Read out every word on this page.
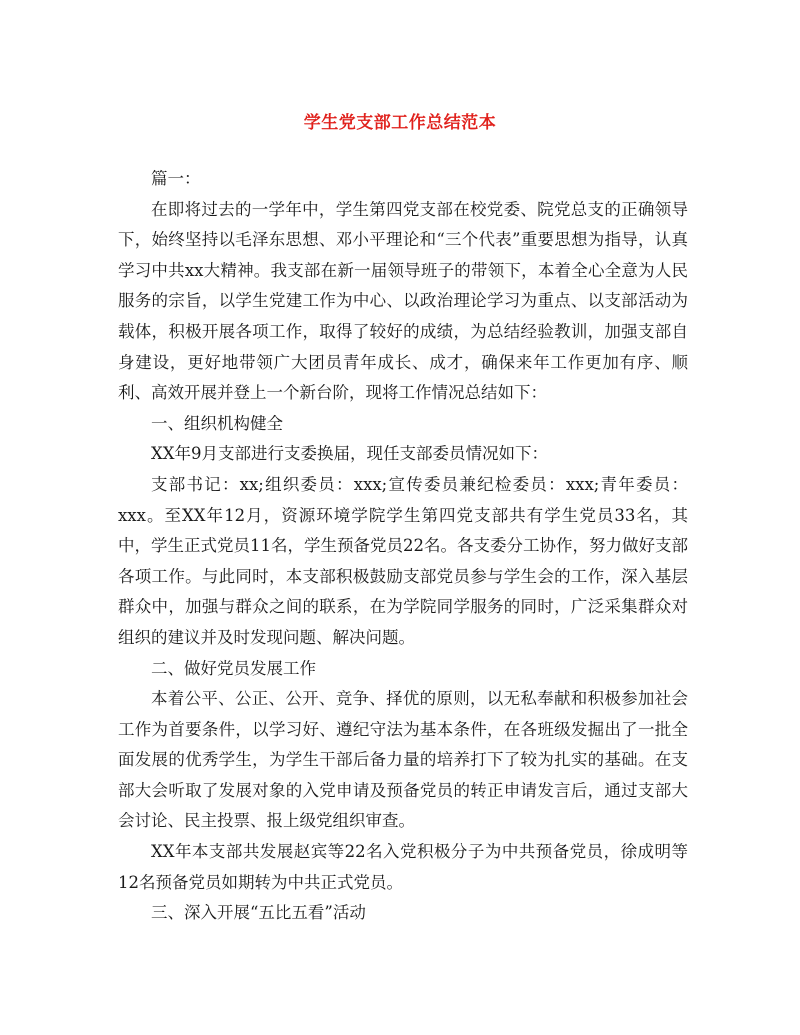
学生党支部工作总结范本

篇一：

在即将过去的一学年中，学生第四党支部在校党委、院党总支的正确领导下，始终坚持以毛泽东思想、邓小平理论和“三个代表”重要思想为指导，认真学习中共xx大精神。我支部在新一届领导班子的带领下，本着全心全意为人民服务的宗旨，以学生党建工作为中心、以政治理论学习为重点、以支部活动为载体，积极开展各项工作，取得了较好的成绩，为总结经验教训，加强支部自身建设，更好地带领广大团员青年成长、成才，确保来年工作更加有序、顺利、高效开展并登上一个新台阶，现将工作情况总结如下：

一、组织机构健全

XX年9月支部进行支委换届，现任支部委员情况如下：

支部书记：xx;组织委员：xxx;宣传委员兼纪检委员：xxx;青年委员：xxx。至XX年12月，资源环境学院学生第四党支部共有学生党员33名，其中，学生正式党员11名，学生预备党员22名。各支委分工协作，努力做好支部各项工作。与此同时，本支部积极鼓励支部党员参与学生会的工作，深入基层群众中，加强与群众之间的联系，在为学院同学服务的同时，广泛采集群众对组织的建议并及时发现问题、解决问题。

二、做好党员发展工作

本着公平、公正、公开、竞争、择优的原则，以无私奉献和积极参加社会工作为首要条件，以学习好、遵纪守法为基本条件，在各班级发掘出了一批全面发展的优秀学生，为学生干部后备力量的培养打下了较为扎实的基础。在支部大会听取了发展对象的入党申请及预备党员的转正申请发言后，通过支部大会讨论、民主投票、报上级党组织审查。

XX年本支部共发展赵宾等22名入党积极分子为中共预备党员，徐成明等12名预备党员如期转为中共正式党员。

三、深入开展“五比五看”活动
